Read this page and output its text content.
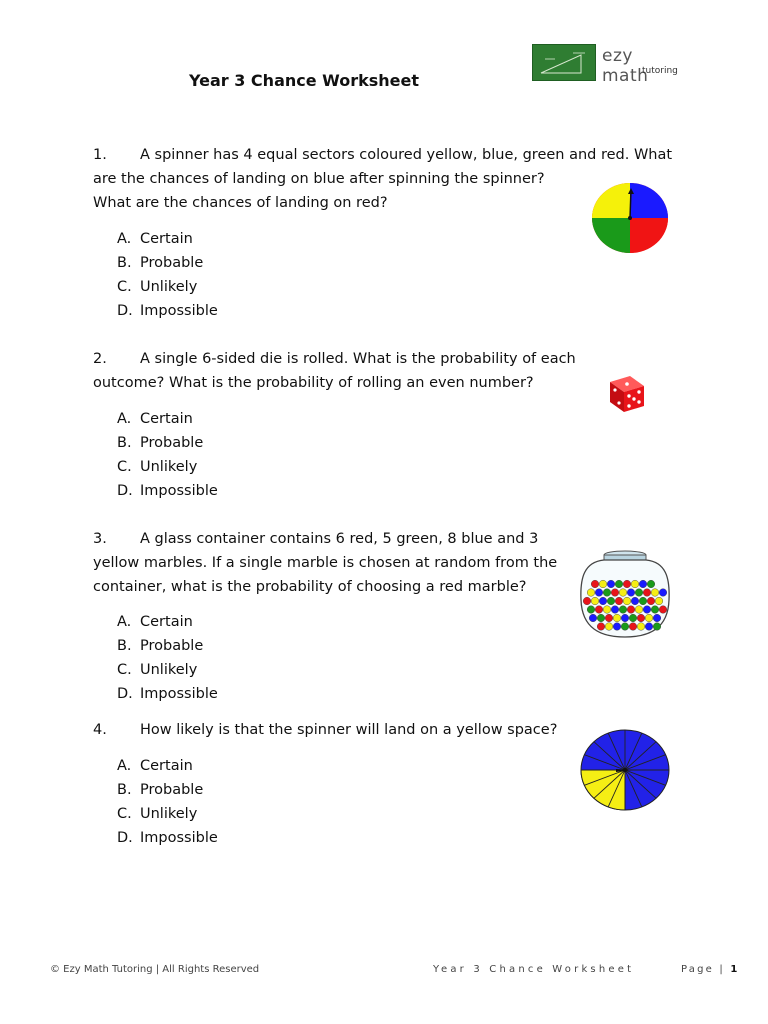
ezy math
tutoring
Year 3 Chance Worksheet
1. A spinner has 4 equal sectors coloured yellow, blue, green and red. What
are the chances of landing on blue after spinning the spinner?
What are the chances of landing on red?
A. Certain
B. Probable
C. Unlikely
D. Impossible
2. A single 6-sided die is rolled. What is the probability of each
outcome? What is the probability of rolling an even number?
A. Certain
B. Probable
C. Unlikely
D. Impossible
3. A glass container contains 6 red, 5 green, 8 blue and 3
yellow marbles. If a single marble is chosen at random from the
container, what is the probability of choosing a red marble?
A. Certain
B. Probable
C. Unlikely
D. Impossible
4. How likely is that the spinner will land on a yellow space?
A. Certain
B. Probable
C. Unlikely
D. Impossible
© Ezy Math Tutoring | All Rights Reserved	Year 3 Chance Worksheet	Page | 1
